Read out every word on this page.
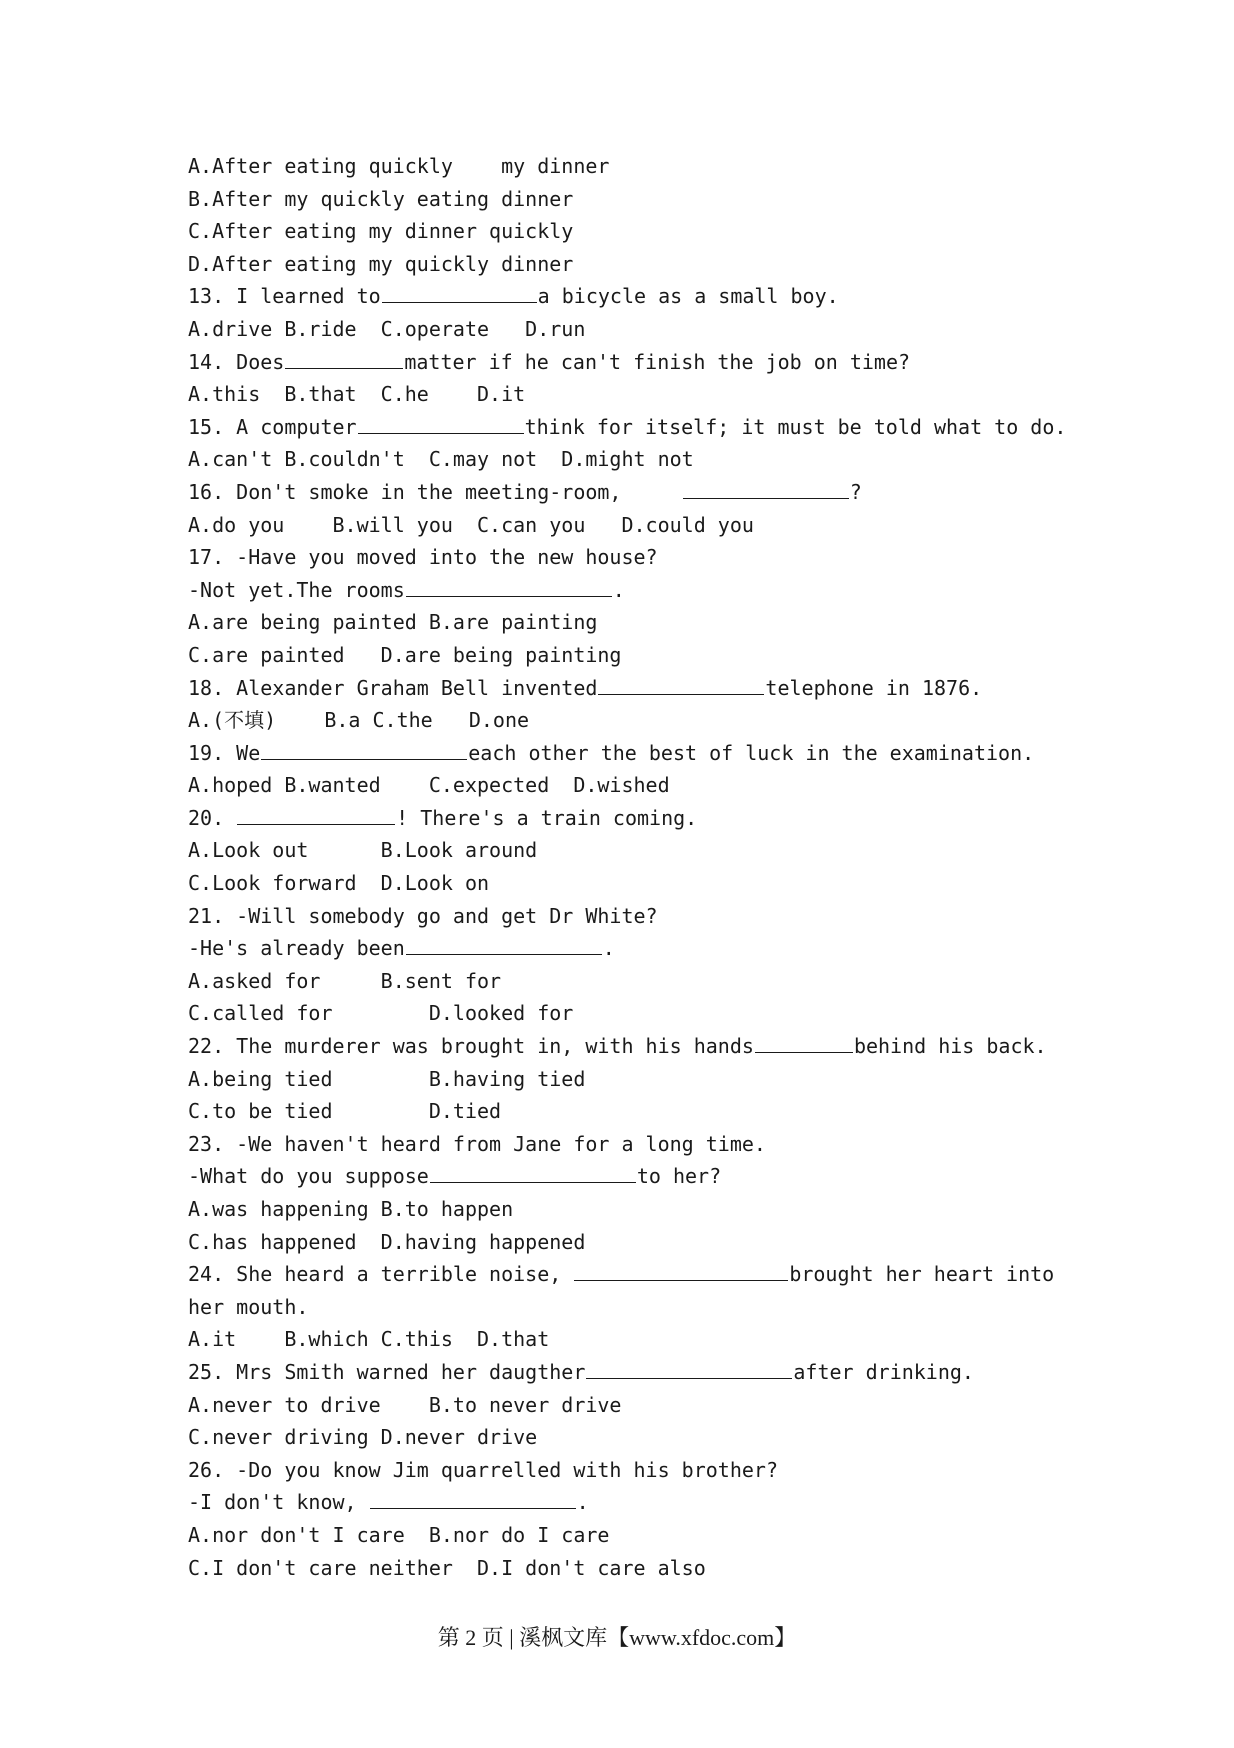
A.After eating quickly    my dinner
B.After my quickly eating dinner
C.After eating my dinner quickly
D.After eating my quickly dinner
13. I learned to	a bicycle as a small boy.
A.drive B.ride  C.operate   D.run
14. Does	matter if he can't finish the job on time?
A.this  B.that  C.he    D.it
15. A computer	think for itself; it must be told what to do.
A.can't B.couldn't  C.may not  D.might not
16. Don't smoke in the meeting-room,	?
A.do you    B.will you  C.can you   D.could you
17. -Have you moved into the new house?
-Not yet.The rooms	.
A.are being painted B.are painting
C.are painted   D.are being painting
18. Alexander Graham Bell invented	telephone in 1876.
A.(不填)    B.a C.the   D.one
19. We	each other the best of luck in the examination.
A.hoped B.wanted    C.expected  D.wished
20.	! There's a train coming.
A.Look out      B.Look around
C.Look forward  D.Look on
21. -Will somebody go and get Dr White?
-He's already been	.
A.asked for     B.sent for
C.called for        D.looked for
22. The murderer was brought in, with his hands	behind his back.
A.being tied        B.having tied
C.to be tied        D.tied
23. -We haven't heard from Jane for a long time.
-What do you suppose	to her?
A.was happening B.to happen
C.has happened  D.having happened
24. She heard a terrible noise,	brought her heart into
her mouth.
A.it    B.which C.this  D.that
25. Mrs Smith warned her daugther	after drinking.
A.never to drive    B.to never drive
C.never driving D.never drive
26. -Do you know Jim quarrelled with his brother?
-I don't know,	.
A.nor don't I care  B.nor do I care
C.I don't care neither  D.I don't care also
第 2 页 | 溪枫文库【www.xfdoc.com】
